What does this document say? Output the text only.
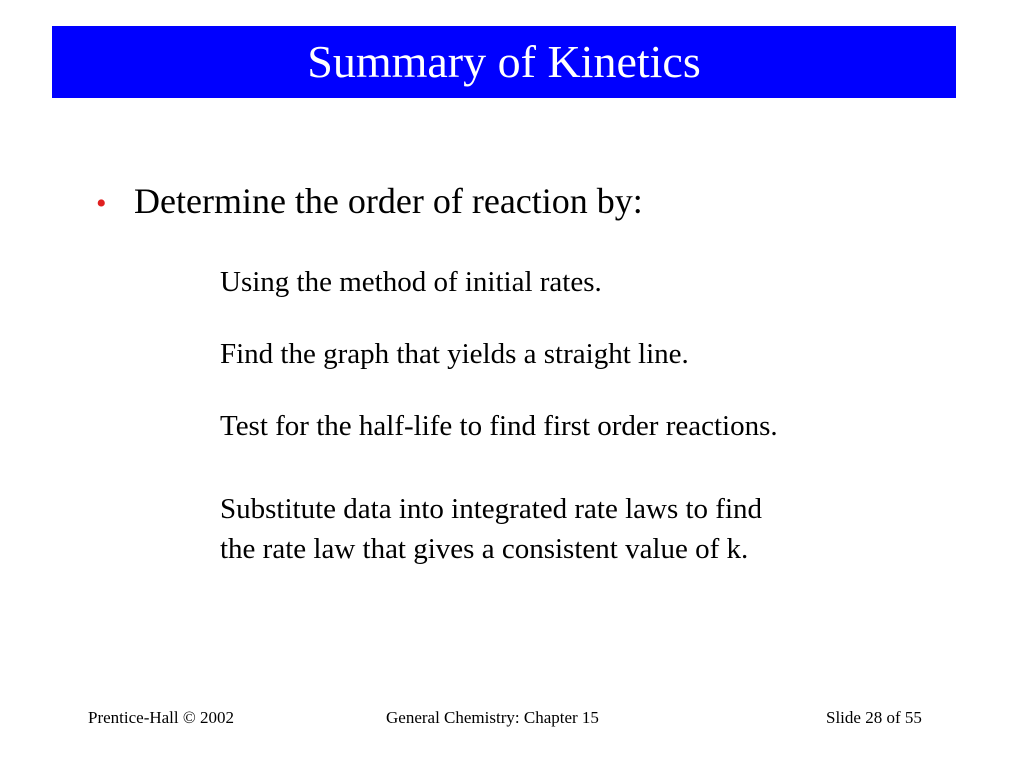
Summary of Kinetics
• Determine the order of reaction by:
Using the method of initial rates.
Find the graph that yields a straight line.
Test for the half-life to find first order reactions.
Substitute data into integrated rate laws to find
the rate law that gives a consistent value of k.
Prentice-Hall © 2002	General Chemistry: Chapter 15	Slide 28 of 55
